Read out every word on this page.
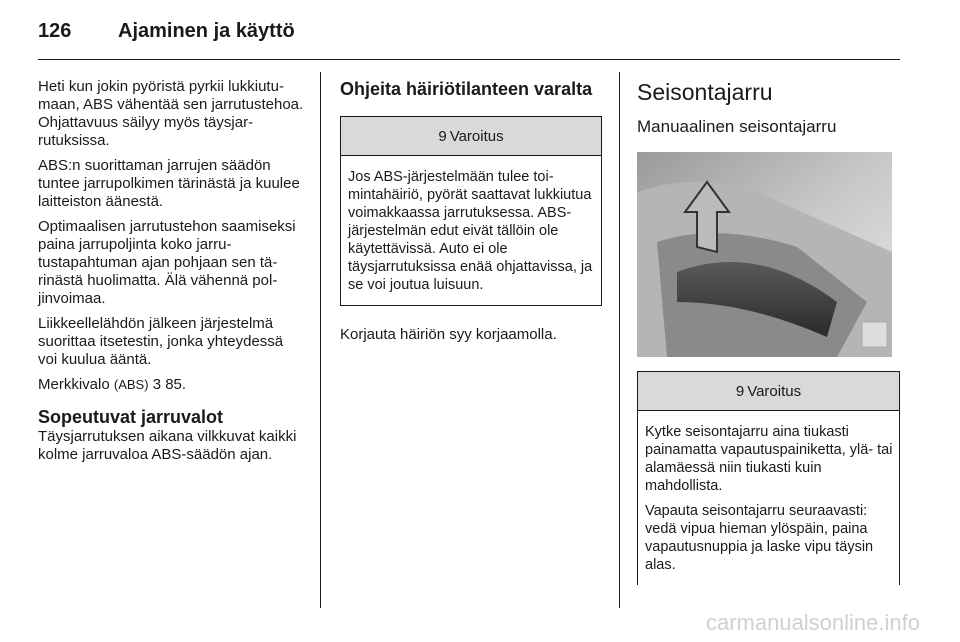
126 Ajaminen ja käyttö

Heti kun jokin pyöristä pyrkii lukkiutumaan, ABS vähentää sen jarrutustehoa. Ohjattavuus säilyy myös täysjarrutuksissa.

ABS:n suorittaman jarrujen säädön tuntee jarrupolkimen tärinästä ja kuulee laitteiston äänestä.

Optimaalisen jarrutustehon saamiseksi paina jarrupoljinta koko jarrutustapahtuman ajan pohjaan sen tärinästä huolimatta. Älä vähennä poljinvoimaa.

Liikkeellelähdön jälkeen järjestelmä suorittaa itsetestin, jonka yhteydessä voi kuulua ääntä.

Merkkivalo (ABS) 3 85.

Sopeutuvat jarruvalot

Täysjarrutuksen aikana vilkkuvat kaikki kolme jarruvaloa ABS-säädön ajan.

Ohjeita häiriötilanteen varalta
9 Varoitus

Jos ABS-järjestelmään tulee toimintahäiriö, pyörät saattavat lukkiutua voimakkaassa jarrutuksessa. ABS-järjestelmän edut eivät tällöin ole käytettävissä. Auto ei ole täysjarrutuksissa enää ohjattavissa, ja se voi joutua luisuun.

Korjauta häiriön syy korjaamolla.

Seisontajarru
Manuaalinen seisontajarru
9 Varoitus

Kytke seisontajarru aina tiukasti painamatta vapautuspainiketta, ylä- tai alamäessä niin tiukasti kuin mahdollista.

Vapauta seisontajarru seuraavasti: vedä vipua hieman ylöspäin, paina vapautusnuppia ja laske vipu täysin alas.

carmanualsonline.info
